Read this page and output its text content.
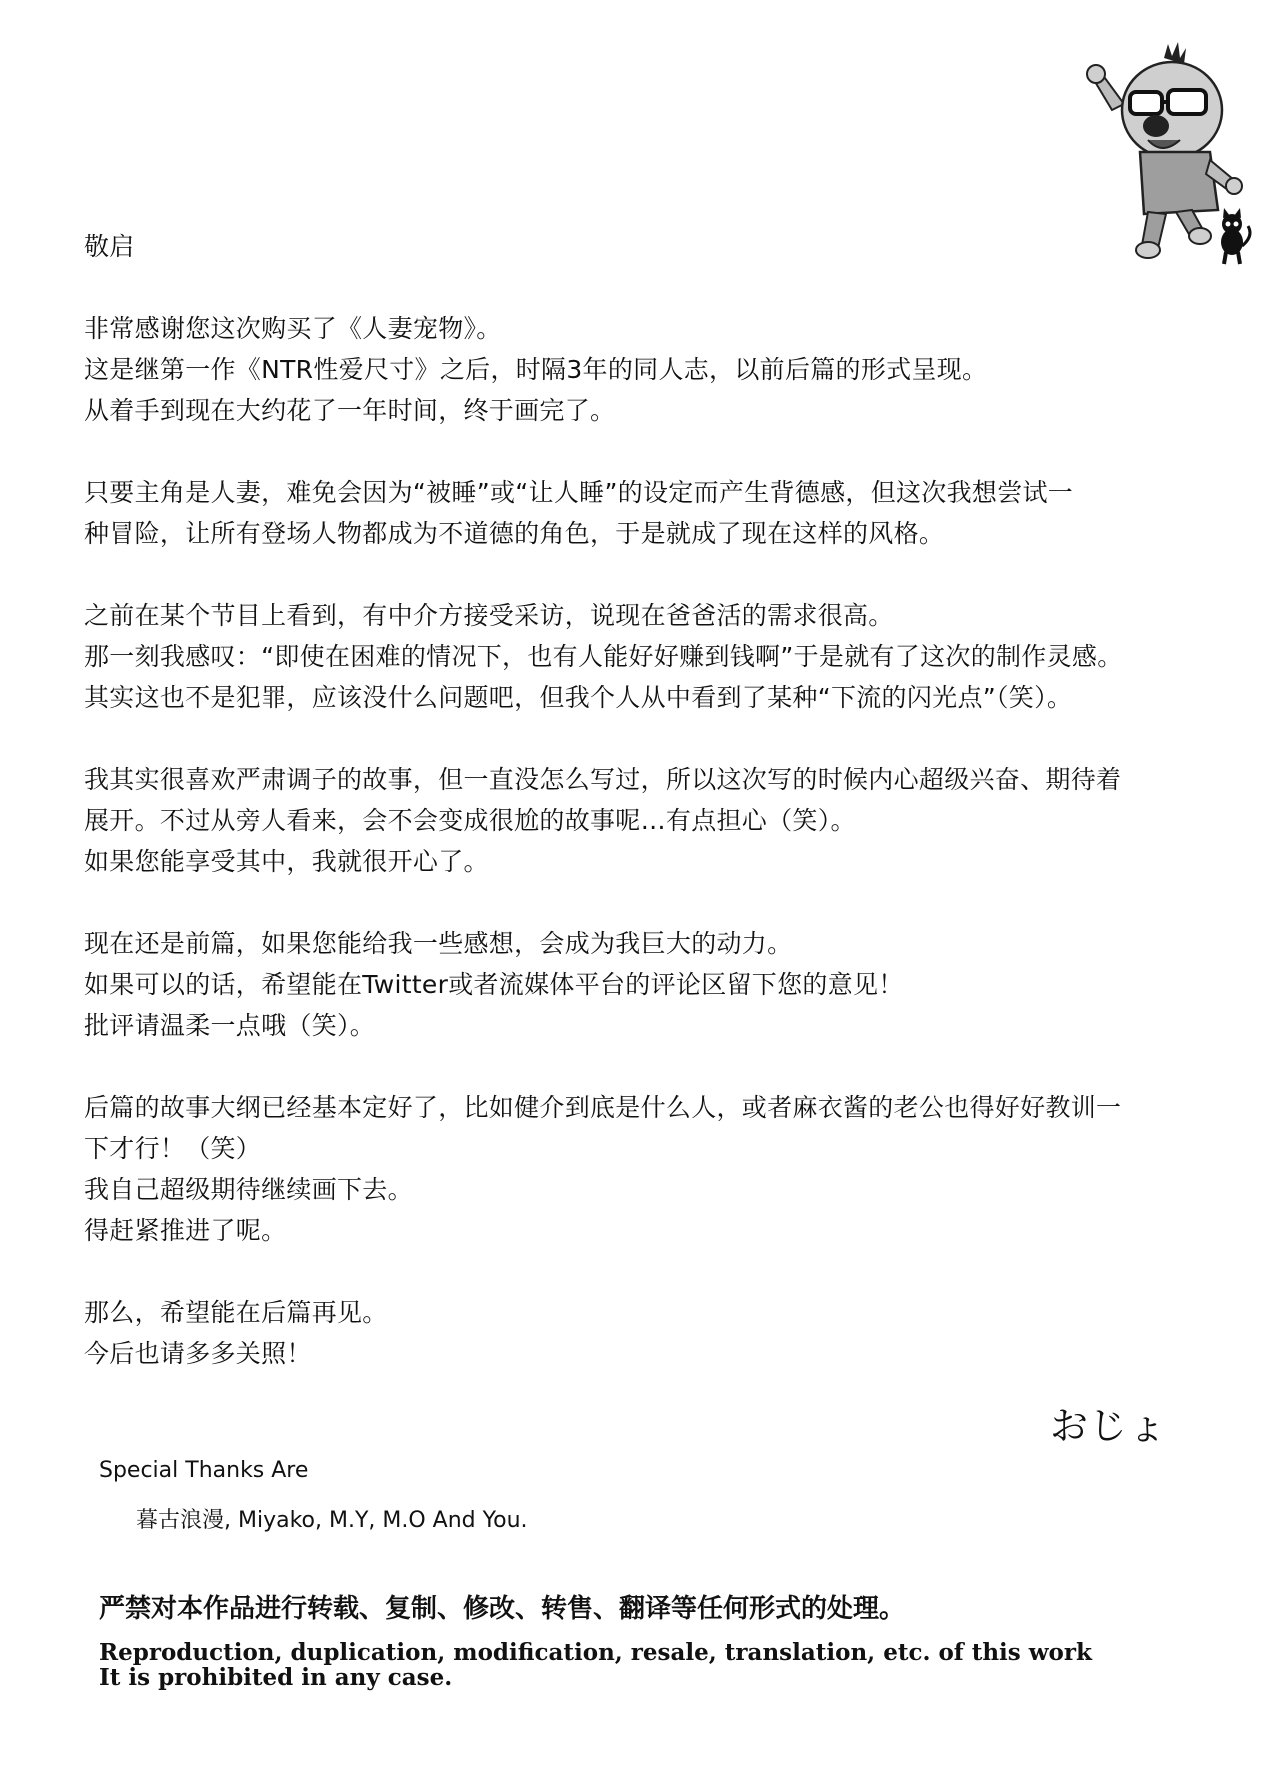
敬启

非常感谢您这次购买了《人妻宠物》。
这是继第一作《NTR性爱尺寸》之后，时隔3年的同人志，以前后篇的形式呈现。
从着手到现在大约花了一年时间，终于画完了。

只要主角是人妻，难免会因为“被睡”或“让人睡”的设定而产生背德感，但这次我想尝试一
种冒险，让所有登场人物都成为不道德的角色，于是就成了现在这样的风格。

之前在某个节目上看到，有中介方接受采访，说现在爸爸活的需求很高。
那一刻我感叹：“即使在困难的情况下，也有人能好好赚到钱啊”于是就有了这次的制作灵感。
其实这也不是犯罪，应该没什么问题吧，但我个人从中看到了某种“下流的闪光点”（笑）。

我其实很喜欢严肃调子的故事，但一直没怎么写过，所以这次写的时候内心超级兴奋、期待着
展开。不过从旁人看来，会不会变成很尬的故事呢…有点担心（笑）。
如果您能享受其中，我就很开心了。

现在还是前篇，如果您能给我一些感想，会成为我巨大的动力。
如果可以的话，希望能在Twitter或者流媒体平台的评论区留下您的意见！
批评请温柔一点哦（笑）。

后篇的故事大纲已经基本定好了，比如健介到底是什么人，或者麻衣酱的老公也得好好教训一
下才行！（笑）
我自己超级期待继续画下去。
得赶紧推进了呢。

那么，希望能在后篇再见。
今后也请多多关照！

おじょ
Special Thanks Are
暮古浪漫, Miyako, M.Y, M.O And You.
严禁对本作品进行转载、复制、修改、转售、翻译等任何形式的处理。
Reproduction, duplication, modification, resale, translation, etc. of this work
It is prohibited in any case.
